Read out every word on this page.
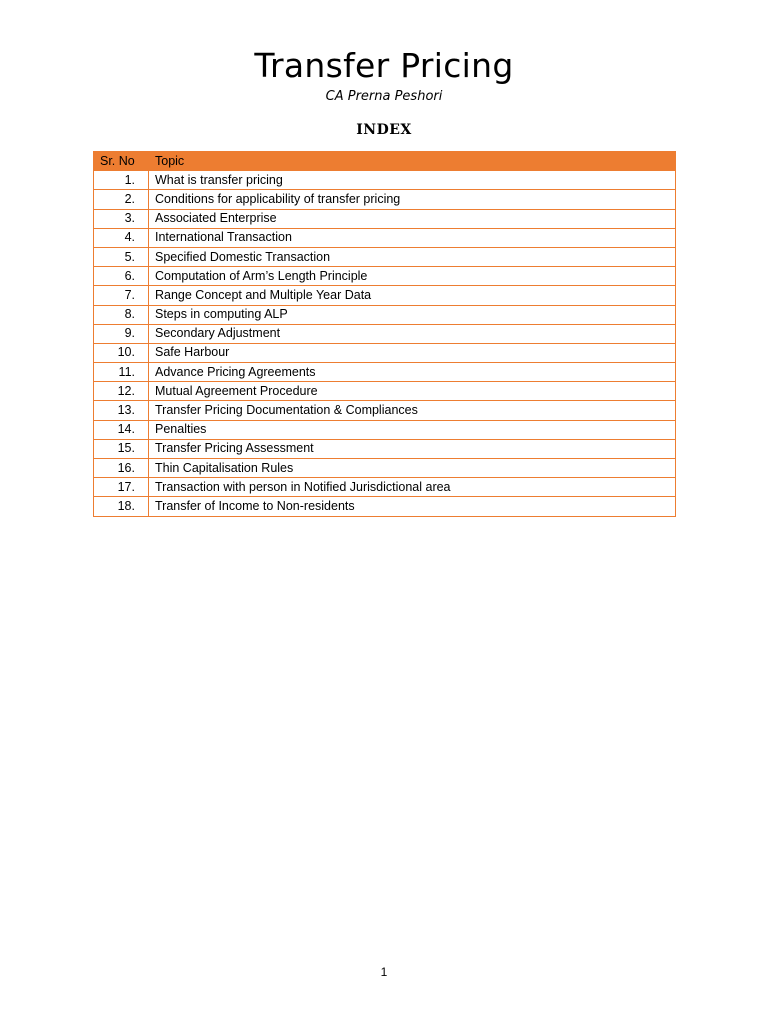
Transfer Pricing
CA Prerna Peshori
INDEX
Sr. No	Topic
1.	What is transfer pricing
2.	Conditions for applicability of transfer pricing
3.	Associated Enterprise
4.	International Transaction
5.	Specified Domestic Transaction
6.	Computation of Arm’s Length Principle
7.	Range Concept and Multiple Year Data
8.	Steps in computing ALP
9.	Secondary Adjustment
10.	Safe Harbour
11.	Advance Pricing Agreements
12.	Mutual Agreement Procedure
13.	Transfer Pricing Documentation & Compliances
14.	Penalties
15.	Transfer Pricing Assessment
16.	Thin Capitalisation Rules
17.	Transaction with person in Notified Jurisdictional area
18.	Transfer of Income to Non-residents
1
